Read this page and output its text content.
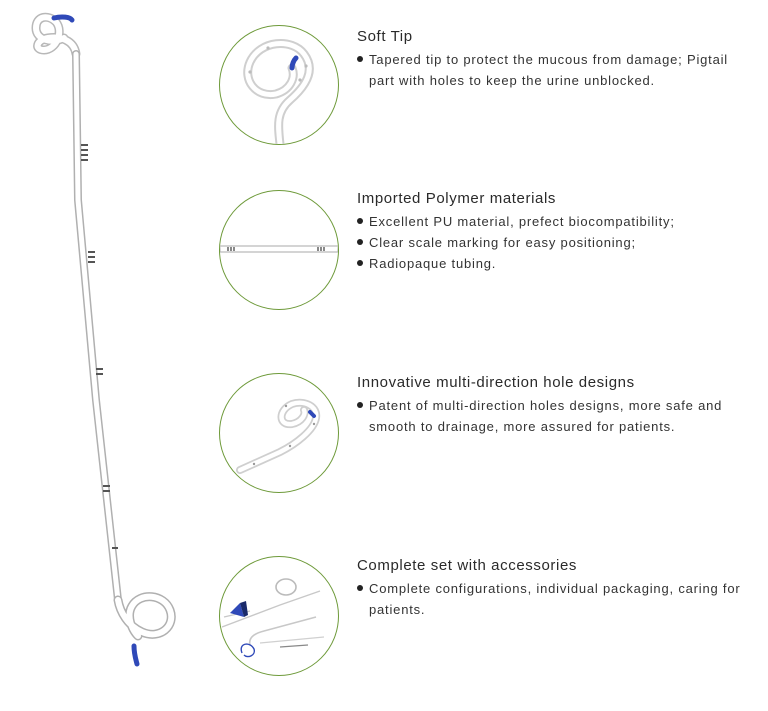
Soft Tip
Tapered tip to protect the mucous from damage; Pigtail part with holes to keep the urine unblocked.
Imported Polymer materials
Excellent PU material, prefect biocompatibility;
Clear scale marking for easy positioning;
Radiopaque tubing.
Innovative multi-direction hole designs
Patent of multi-direction holes designs, more safe and smooth to drainage, more assured for patients.
Complete set with accessories
Complete configurations, individual packaging, caring for patients.
